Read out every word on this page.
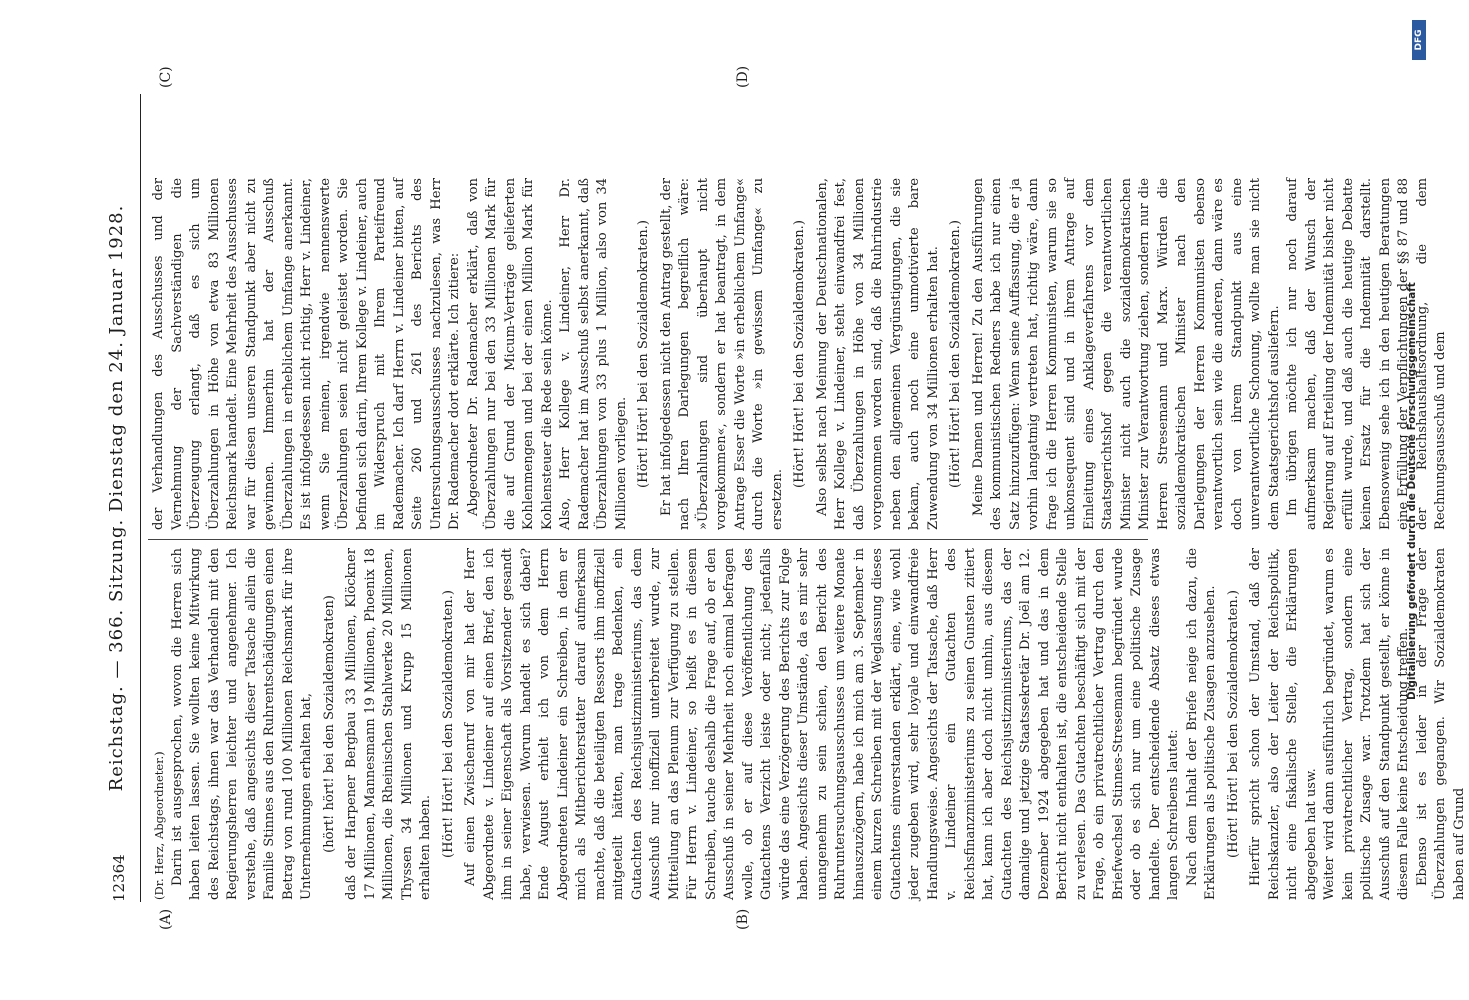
12364
Reichstag. — 366. Sitzung. Dienstag den 24. Januar 1928.
(A)	(B)
(C)	(D)

(Dr. Herz, Abgeordneter.) Darin ist ausgesprochen, wovon die Herren sich haben leiten lassen. Sie wollten keine Mitwirkung des Reichstags, ihnen war das Verhandeln mit den Regierungsherren leichter und angenehmer. Ich verstehe, daß angesichts dieser Tatsache allein die Familie Stinnes aus den Ruhrentschädigungen einen Betrag von rund 100 Millionen Reichsmark für ihre Unternehmungen erhalten hat, (hört! hört! bei den Sozialdemokraten) daß der Harpener Bergbau 33 Millionen, Klöckner 17 Millionen, Mannesmann 19 Millionen, Phoenix 18 Millionen, die Rheinischen Stahlwerke 20 Millionen, Thyssen 34 Millionen und Krupp 15 Millionen erhalten haben. (Hört! Hört! bei den Sozialdemokraten.) Auf einen Zwischenruf von mir hat der Herr Abgeordnete v. Lindeiner auf einen Brief, den ich ihm in seiner Eigenschaft als Vorsitzender gesandt habe, verwiesen. Worum handelt es sich dabei? Ende August erhielt ich von dem Herrn Abgeordneten Lindeiner ein Schreiben, in dem er mich als Mitberichterstatter darauf aufmerksam machte, daß die beteiligten Ressorts ihm inoffiziell mitgeteilt hätten, man trage Bedenken, ein Gutachten des Reichsjustizministeriums, das dem Ausschuß nur inoffiziell unterbreitet wurde, zur Mitteilung an das Plenum zur Verfügung zu stellen. Für Herrn v. Lindeiner, so heißt es in diesem Schreiben, tauche deshalb die Frage auf, ob er den Ausschuß in seiner Mehrheit noch einmal befragen wolle, ob er auf diese Veröffentlichung des Gutachtens Verzicht leiste oder nicht; jedenfalls würde das eine Verzögerung des Berichts zur Folge haben. Angesichts dieser Umstände, da es mir sehr unangenehm zu sein schien, den Bericht des Ruhruntersuchungsausschusses um weitere Monate hinauszuzögern, habe ich mich am 3. September in einem kurzen Schreiben mit der Weglassung dieses Gutachtens einverstanden erklärt, eine, wie wohl jeder zugeben wird, sehr loyale und einwandfreie Handlungsweise. Angesichts der Tatsache, daß Herr v. Lindeiner ein Gutachten des Reichsfinanzministeriums zu seinen Gunsten zitiert hat, kann ich aber doch nicht umhin, aus diesem Gutachten des Reichsjustizministeriums, das der damalige und jetzige Staatssekretär Dr. Joël am 12. Dezember 1924 abgegeben hat und das in dem Bericht nicht enthalten ist, die entscheidende Stelle zu verlesen. Das Gutachten beschäftigt sich mit der Frage, ob ein privatrechtlicher Vertrag durch den Briefwechsel Stinnes-Stresemann begründet wurde oder ob es sich nur um eine politische Zusage handelte. Der entscheidende Absatz dieses etwas langen Schreibens lautet: Nach dem Inhalt der Briefe neige ich dazu, die Erklärungen als politische Zusagen anzusehen. (Hört! Hört! bei den Sozialdemokraten.) Hierfür spricht schon der Umstand, daß der Reichskanzler, also der Leiter der Reichspolitik, nicht eine fiskalische Stelle, die Erklärungen abgegeben hat usw. Weiter wird dann ausführlich begründet, warum es kein privatrechtlicher Vertrag, sondern eine politische Zusage war. Trotzdem hat sich der Ausschuß auf den Standpunkt gestellt, er könne in diesem Falle keine Entscheidung treffen. Ebenso ist es leider in der Frage der Überzahlungen gegangen. Wir Sozialdemokraten haben auf Grund

der Verhandlungen des Ausschusses und der Vernehmung der Sachverständigen die Überzeugung erlangt, daß es sich um Überzahlungen in Höhe von etwa 83 Millionen Reichsmark handelt. Eine Mehrheit des Ausschusses war für diesen unseren Standpunkt aber nicht zu gewinnen. Immerhin hat der Ausschuß Überzahlungen in erheblichem Umfange anerkannt. Es ist infolgedessen nicht richtig, Herr v. Lindeiner, wenn Sie meinen, irgendwie nennenswerte Überzahlungen seien nicht geleistet worden. Sie befinden sich darin, Ihrem Kollege v. Lindeiner, auch im Widerspruch mit Ihrem Parteifreund Rademacher. Ich darf Herrn v. Lindeiner bitten, auf Seite 260 und 261 des Berichts des Untersuchungsausschusses nachzulesen, was Herr Dr. Rademacher dort erklärte. Ich zitiere: Abgeordneter Dr. Rademacher erklärt, daß von Überzahlungen nur bei den 33 Millionen Mark für die auf Grund der Micum-Verträge gelieferten Kohlenmengen und bei der einen Million Mark für Kohlensteuer die Rede sein könne. Also, Herr Kollege v. Lindeiner, Herr Dr. Rademacher hat im Ausschuß selbst anerkannt, daß Überzahlungen von 33 plus 1 Million, also von 34 Millionen vorliegen. (Hört! Hört! bei den Sozialdemokraten.) Er hat infolgedessen nicht den Antrag gestellt, der nach Ihren Darlegungen begreiflich wäre: »Überzahlungen sind überhaupt nicht vorgekommen«, sondern er hat beantragt, in dem Antrage Esser die Worte »in erheblichem Umfange« durch die Worte »in gewissem Umfange« zu ersetzen.

(Hört! Hört! bei den Sozialdemokraten.) Also selbst nach Meinung der Deutschnationalen, Herr Kollege v. Lindeiner, steht einwandfrei fest, daß Überzahlungen in Höhe von 34 Millionen vorgenommen worden sind, daß die Ruhrindustrie neben den allgemeinen Vergünstigungen, die sie bekam, auch noch eine unmotivierte bare Zuwendung von 34 Millionen erhalten hat. (Hört! Hört! bei den Sozialdemokraten.) Meine Damen und Herren! Zu den Ausführungen des kommunistischen Redners habe ich nur einen Satz hinzuzufügen: Wenn seine Auffassung, die er ja vorhin langatmig vertreten hat, richtig wäre, dann frage ich die Herren Kommunisten, warum sie so unkonsequent sind und in ihrem Antrage auf Einleitung eines Anklageverfahrens vor dem Staatsgerichtshof gegen die verantwortlichen Minister nicht auch die sozialdemokratischen Minister zur Verantwortung ziehen, sondern nur die Herren Stresemann und Marx. Würden die sozialdemokratischen Minister nach den Darlegungen der Herren Kommunisten ebenso verantwortlich sein wie die anderen, dann wäre es doch von ihrem Standpunkt aus eine unverantwortliche Schonung, wollte man sie nicht dem Staatsgerichtshof ausliefern. Im übrigen möchte ich nur noch darauf aufmerksam machen, daß der Wunsch der Regierung auf Erteilung der Indemnität bisher nicht erfüllt wurde, und daß auch die heutige Debatte keinen Ersatz für die Indemnität darstellt. Ebensowenig sehe ich in den heutigen Beratungen eine Erfüllung der Verpflichtungen der §§ 87 und 88 der Reichshaushaltsordnung, die dem Rechnungsausschuß und dem

Digitalisierung gefördert durch die Deutsche Forschungsgemeinschaft
DFG
